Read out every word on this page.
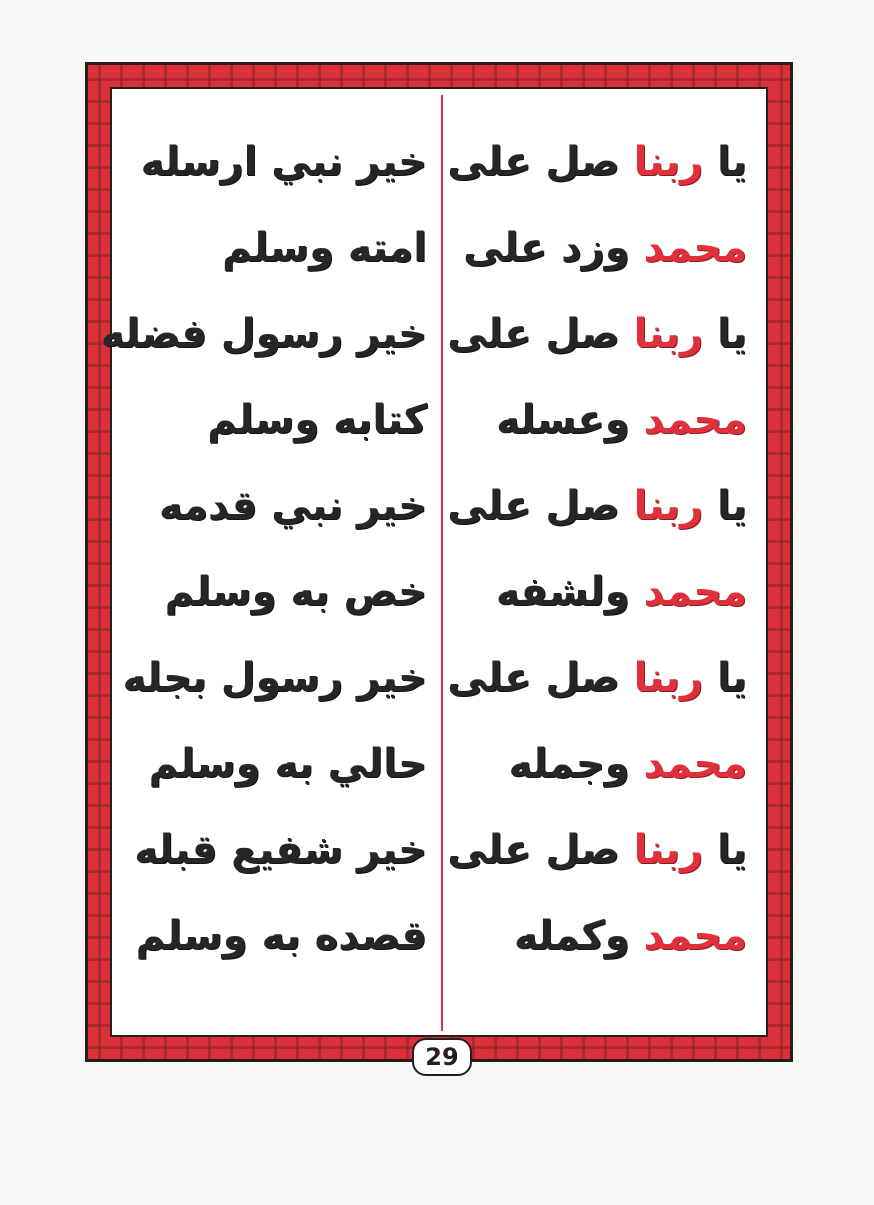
يا ربنا صل على
خير نبي ارسله
محمد وزد على
امته وسلم
يا ربنا صل على
خير رسول فضله
محمد وعسله
كتابه وسلم
يا ربنا صل على
خير نبي قدمه
محمد ولشفه
خص به وسلم
يا ربنا صل على
خير رسول بجله
محمد وجمله
حالي به وسلم
يا ربنا صل على
خير شفيع قبله
محمد وكمله
قصده به وسلم
29
